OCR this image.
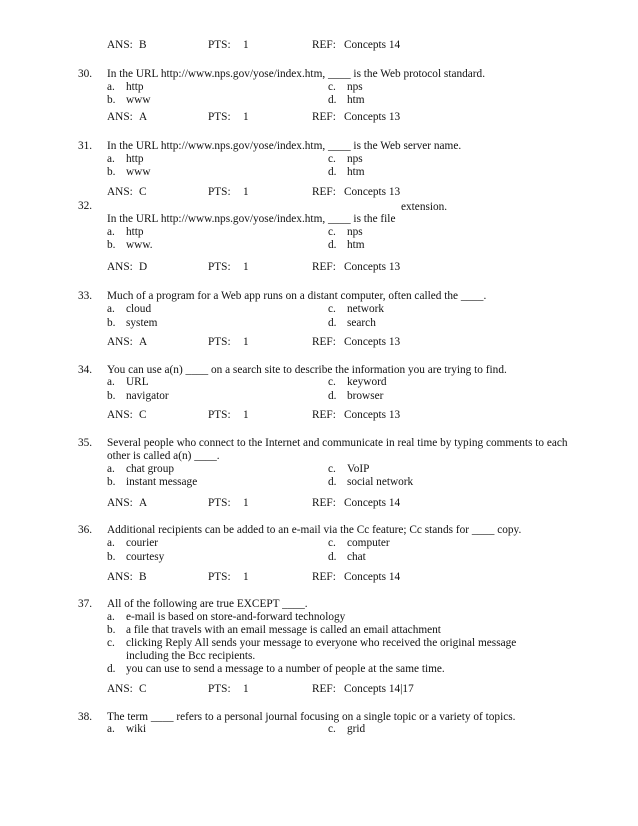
ANS: B	PTS: 1	REF: Concepts 14
30. In the URL http://www.nps.gov/yose/index.htm, ____ is the Web protocol standard.
a. http
b. www
c. nps
d. htm
ANS: A	PTS: 1	REF: Concepts 13
31. In the URL http://www.nps.gov/yose/index.htm, ____ is the Web server name.
a. http
b. www
c. nps
d. htm
ANS: C	PTS: 1	REF: Concepts 13
32.	extension.
In the URL http://www.nps.gov/yose/index.htm, ____ is the file
a. http
b. www.
c. nps
d. htm
ANS: D	PTS: 1	REF: Concepts 13
33. Much of a program for a Web app runs on a distant computer, often called the ____.
a. cloud
b. system
c. network
d. search
ANS: A	PTS: 1	REF: Concepts 13
34. You can use a(n) ____ on a search site to describe the information you are trying to find.
a. URL
b. navigator
c. keyword
d. browser
ANS: C	PTS: 1	REF: Concepts 13
35. Several people who connect to the Internet and communicate in real time by typing comments to each
other is called a(n) ____.
a. chat group
b. instant message
c. VoIP
d. social network
ANS: A	PTS: 1	REF: Concepts 14
36. Additional recipients can be added to an e-mail via the Cc feature; Cc stands for ____ copy.
a. courier
b. courtesy
c. computer
d. chat
ANS: B	PTS: 1	REF: Concepts 14
37. All of the following are true EXCEPT ____.
a. e-mail is based on store-and-forward technology
b. a file that travels with an email message is called an email attachment
c. clicking Reply All sends your message to everyone who received the original message
including the Bcc recipients.
d. you can use to send a message to a number of people at the same time.
ANS: C	PTS: 1	REF: Concepts 14|17
38. The term ____ refers to a personal journal focusing on a single topic or a variety of topics.
a. wiki	c. grid
